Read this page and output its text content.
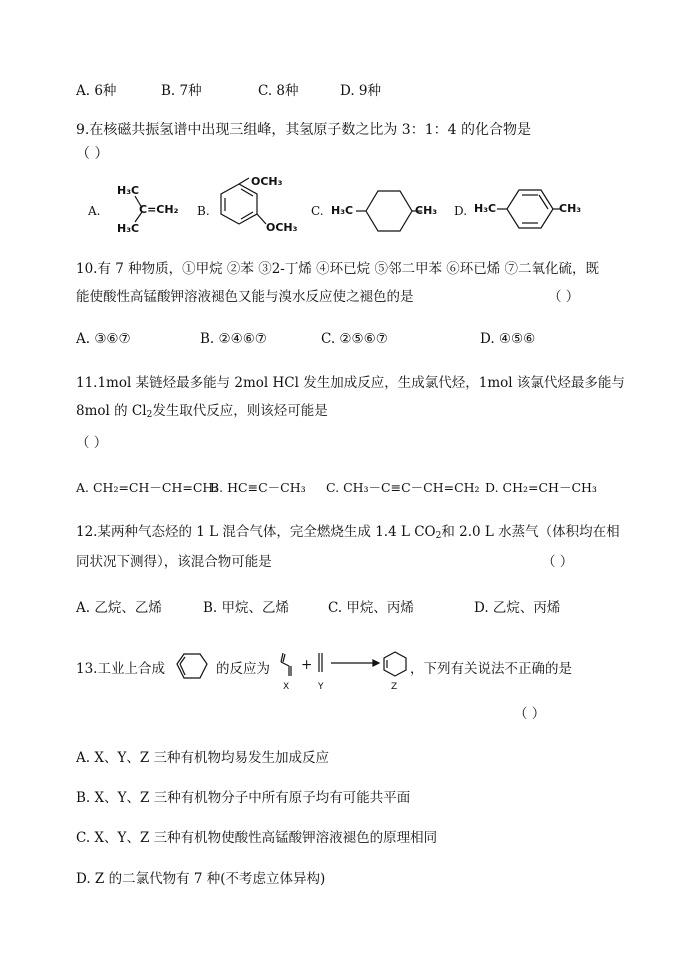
A. 6种	B. 7种	C. 8种	D. 9种
9.在核磁共振氢谱中出现三组峰，其氢原子数之比为 3：1：4 的化合物是
（ ）
A.
H₃C
H₃C
C=CH₂ B.
OCH₃
OCH₃
C. H₃C	CH₃ D. H₃C	CH₃
10.有 7 种物质，①甲烷 ②苯 ③2-丁烯 ④环已烷 ⑤邻二甲苯 ⑥环已烯 ⑦二氧化硫，既
能使酸性高锰酸钾溶液褪色又能与溴水反应使之褪色的是	（ ）
A. ③⑥⑦	B. ②④⑥⑦	C. ②⑤⑥⑦	D. ④⑤⑥
11.1mol 某链烃最多能与 2mol HCl 发生加成反应，生成氯代烃，1mol 该氯代烃最多能与
8mol 的 $Cl_2$发生取代反应，则该烃可能是
（ ）
A. CH₂=CH－CH=CH₂
B. HC≡C－CH₃ C. CH₃－C≡C－CH=CH₂ D. CH₂=CH－CH₃
12.某两种气态烃的 1 L 混合气体，完全燃烧生成 1.4 L $CO_2$和 2.0 L 水蒸气（体积均在相
同状况下测得），该混合物可能是	（ ）
A. 乙烷、乙烯	B. 甲烷、乙烯	C. 甲烷、丙烯	D. 乙烷、丙烯
13.工业上合成	的反应为
X
+
Y	Z
，下列有关说法不正确的是
（ ）
A. X、Y、Z 三种有机物均易发生加成反应
B. X、Y、Z 三种有机物分子中所有原子均有可能共平面
C. X、Y、Z 三种有机物使酸性高锰酸钾溶液褪色的原理相同
D. Z 的二氯代物有 7 种(不考虑立体异构)
